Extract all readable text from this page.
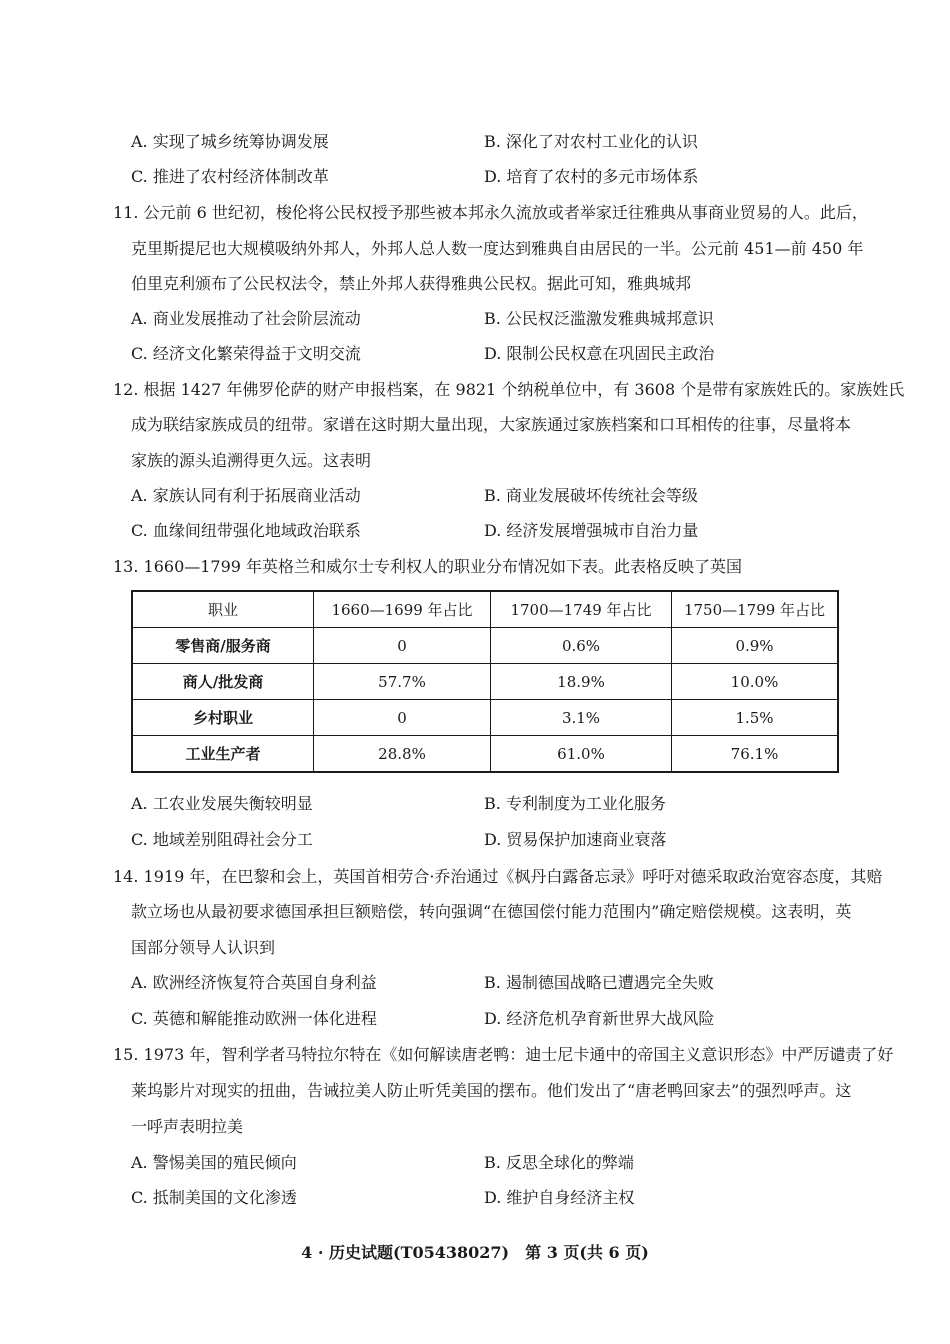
A. 实现了城乡统筹协调发展	B. 深化了对农村工业化的认识
C. 推进了农村经济体制改革	D. 培育了农村的多元市场体系
11. 公元前 6 世纪初，梭伦将公民权授予那些被本邦永久流放或者举家迁往雅典从事商业贸易的人。此后，
克里斯提尼也大规模吸纳外邦人，外邦人总人数一度达到雅典自由居民的一半。公元前 451—前 450 年
伯里克利颁布了公民权法令，禁止外邦人获得雅典公民权。据此可知，雅典城邦
A. 商业发展推动了社会阶层流动	B. 公民权泛滥激发雅典城邦意识
C. 经济文化繁荣得益于文明交流	D. 限制公民权意在巩固民主政治
12. 根据 1427 年佛罗伦萨的财产申报档案，在 9821 个纳税单位中，有 3608 个是带有家族姓氏的。家族姓氏
成为联结家族成员的纽带。家谱在这时期大量出现，大家族通过家族档案和口耳相传的往事，尽量将本
家族的源头追溯得更久远。这表明
A. 家族认同有利于拓展商业活动	B. 商业发展破坏传统社会等级
C. 血缘间纽带强化地域政治联系	D. 经济发展增强城市自治力量
13. 1660—1799 年英格兰和威尔士专利权人的职业分布情况如下表。此表格反映了英国
职业	1660—1699 年占比	1700—1749 年占比	1750—1799 年占比
零售商/服务商	0	0.6%	0.9%
商人/批发商	57.7%	18.9%	10.0%
乡村职业	0	3.1%	1.5%
工业生产者	28.8%	61.0%	76.1%
A. 工农业发展失衡较明显	B. 专利制度为工业化服务
C. 地域差别阻碍社会分工	D. 贸易保护加速商业衰落
14. 1919 年，在巴黎和会上，英国首相劳合·乔治通过《枫丹白露备忘录》呼吁对德采取政治宽容态度，其赔
款立场也从最初要求德国承担巨额赔偿，转向强调“在德国偿付能力范围内”确定赔偿规模。这表明，英
国部分领导人认识到
A. 欧洲经济恢复符合英国自身利益	B. 遏制德国战略已遭遇完全失败
C. 英德和解能推动欧洲一体化进程	D. 经济危机孕育新世界大战风险
15. 1973 年，智利学者马特拉尔特在《如何解读唐老鸭：迪士尼卡通中的帝国主义意识形态》中严厉谴责了好
莱坞影片对现实的扭曲，告诫拉美人防止听凭美国的摆布。他们发出了“唐老鸭回家去”的强烈呼声。这
一呼声表明拉美
A. 警惕美国的殖民倾向	B. 反思全球化的弊端
C. 抵制美国的文化渗透	D. 维护自身经济主权
4 · 历史试题(T05438027)　第 3 页(共 6 页)
